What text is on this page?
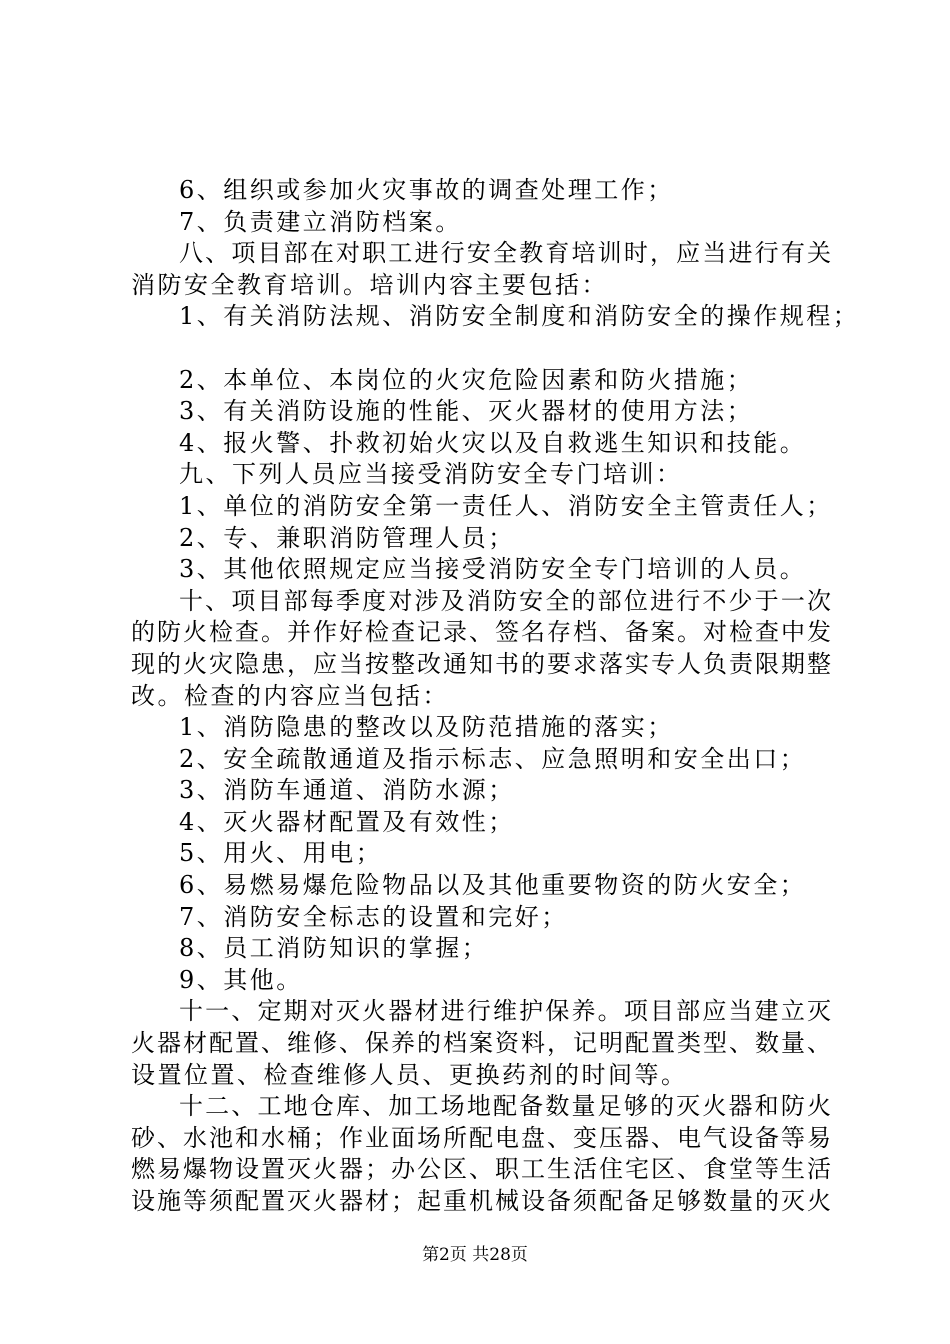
6、组织或参加火灾事故的调查处理工作；
7、负责建立消防档案。
八、项目部在对职工进行安全教育培训时，应当进行有关
消防安全教育培训。培训内容主要包括：
1、有关消防法规、消防安全制度和消防安全的操作规程；
2、本单位、本岗位的火灾危险因素和防火措施；
3、有关消防设施的性能、灭火器材的使用方法；
4、报火警、扑救初始火灾以及自救逃生知识和技能。
九、下列人员应当接受消防安全专门培训：
1、单位的消防安全第一责任人、消防安全主管责任人；
2、专、兼职消防管理人员；
3、其他依照规定应当接受消防安全专门培训的人员。
十、项目部每季度对涉及消防安全的部位进行不少于一次
的防火检查。并作好检查记录、签名存档、备案。对检查中发
现的火灾隐患，应当按整改通知书的要求落实专人负责限期整
改。检查的内容应当包括：
1、消防隐患的整改以及防范措施的落实；
2、安全疏散通道及指示标志、应急照明和安全出口；
3、消防车通道、消防水源；
4、灭火器材配置及有效性；
5、用火、用电；
6、易燃易爆危险物品以及其他重要物资的防火安全；
7、消防安全标志的设置和完好；
8、员工消防知识的掌握；
9、其他。
十一、定期对灭火器材进行维护保养。项目部应当建立灭
火器材配置、维修、保养的档案资料，记明配置类型、数量、
设置位置、检查维修人员、更换药剂的时间等。
十二、工地仓库、加工场地配备数量足够的灭火器和防火
砂、水池和水桶；作业面场所配电盘、变压器、电气设备等易
燃易爆物设置灭火器；办公区、职工生活住宅区、食堂等生活
设施等须配置灭火器材；起重机械设备须配备足够数量的灭火
第2页 共28页
